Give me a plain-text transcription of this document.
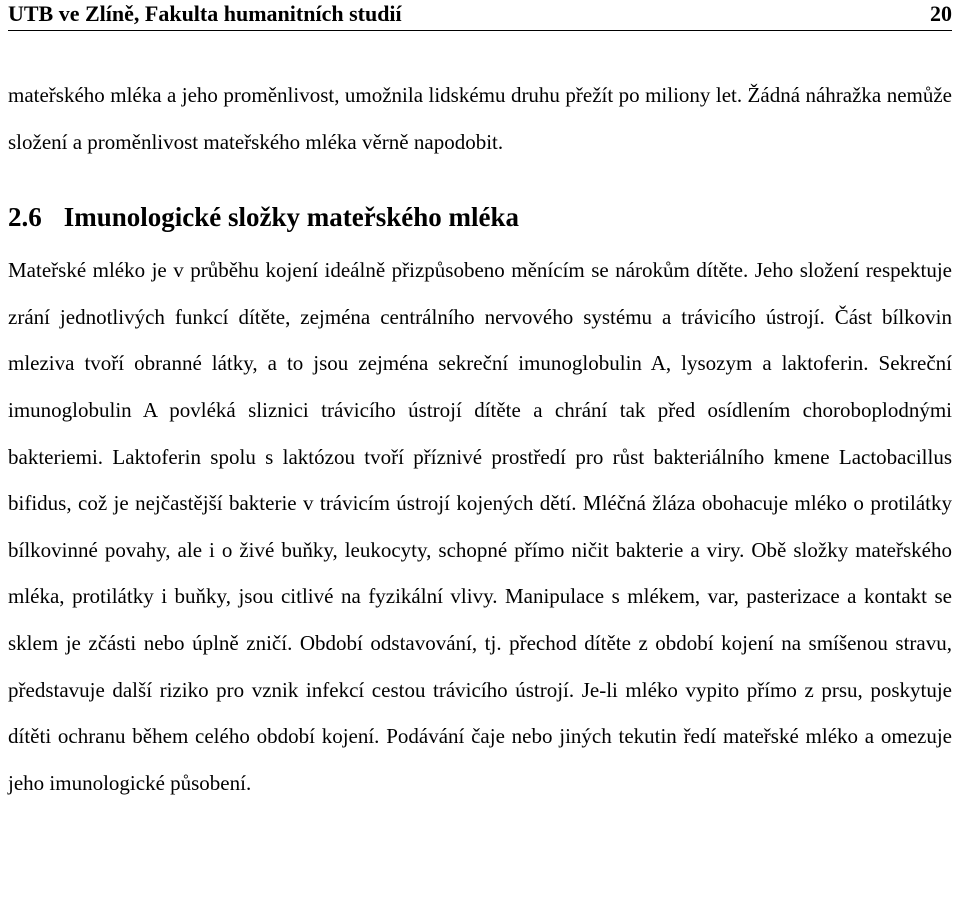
UTB ve Zlíně, Fakulta humanitních studií	20

mateřského mléka a jeho proměnlivost, umožnila lidskému druhu přežít po miliony let. Žádná náhražka nemůže složení a proměnlivost mateřského mléka věrně napodobit.

2.6 Imunologické složky mateřského mléka

Mateřské mléko je v průběhu kojení ideálně přizpůsobeno měnícím se nárokům dítěte. Jeho složení respektuje zrání jednotlivých funkcí dítěte, zejména centrálního nervového systému a trávicího ústrojí. Část bílkovin mleziva tvoří obranné látky, a to jsou zejména sekreční imunoglobulin A, lysozym a laktoferin. Sekreční imunoglobulin A povléká sliznici trávicího ústrojí dítěte a chrání tak před osídlením choroboplodnými bakteriemi. Laktoferin spolu s laktózou tvoří příznivé prostředí pro růst bakteriálního kmene Lactobacillus bifidus, což je nejčastější bakterie v trávicím ústrojí kojených dětí. Mléčná žláza obohacuje mléko o protilátky bílkovinné povahy, ale i o živé buňky, leukocyty, schopné přímo ničit bakterie a viry. Obě složky mateřského mléka, protilátky i buňky, jsou citlivé na fyzikální vlivy. Manipulace s mlékem, var, pasterizace a kontakt se sklem je zčásti nebo úplně zničí. Období odstavování, tj. přechod dítěte z období kojení na smíšenou stravu, představuje další riziko pro vznik infekcí cestou trávicího ústrojí. Je-li mléko vypito přímo z prsu, poskytuje dítěti ochranu během celého období kojení. Podávání čaje nebo jiných tekutin ředí mateřské mléko a omezuje jeho imunologické působení.
